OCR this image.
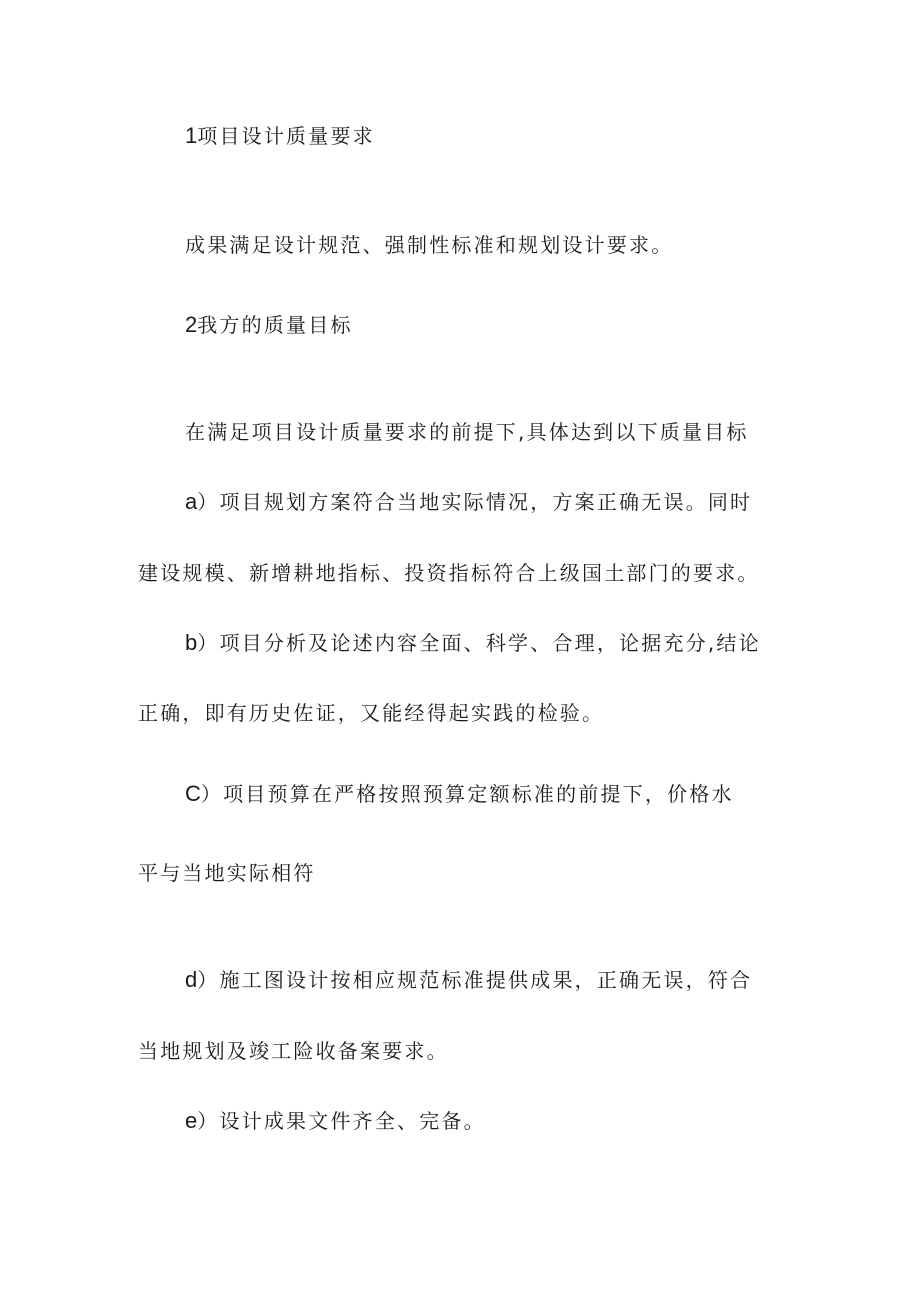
1项目设计质量要求
成果满足设计规范、强制性标准和规划设计要求。
2我方的质量目标
在满足项目设计质量要求的前提下,具体达到以下质量目标
a）项目规划方案符合当地实际情况，方案正确无误。同时
建设规模、新增耕地指标、投资指标符合上级国土部门的要求。
b）项目分析及论述内容全面、科学、合理，论据充分,结论
正确，即有历史佐证，又能经得起实践的检验。
C）项目预算在严格按照预算定额标准的前提下，价格水
平与当地实际相符
d）施工图设计按相应规范标准提供成果，正确无误，符合
当地规划及竣工险收备案要求。
e）设计成果文件齐全、完备。
